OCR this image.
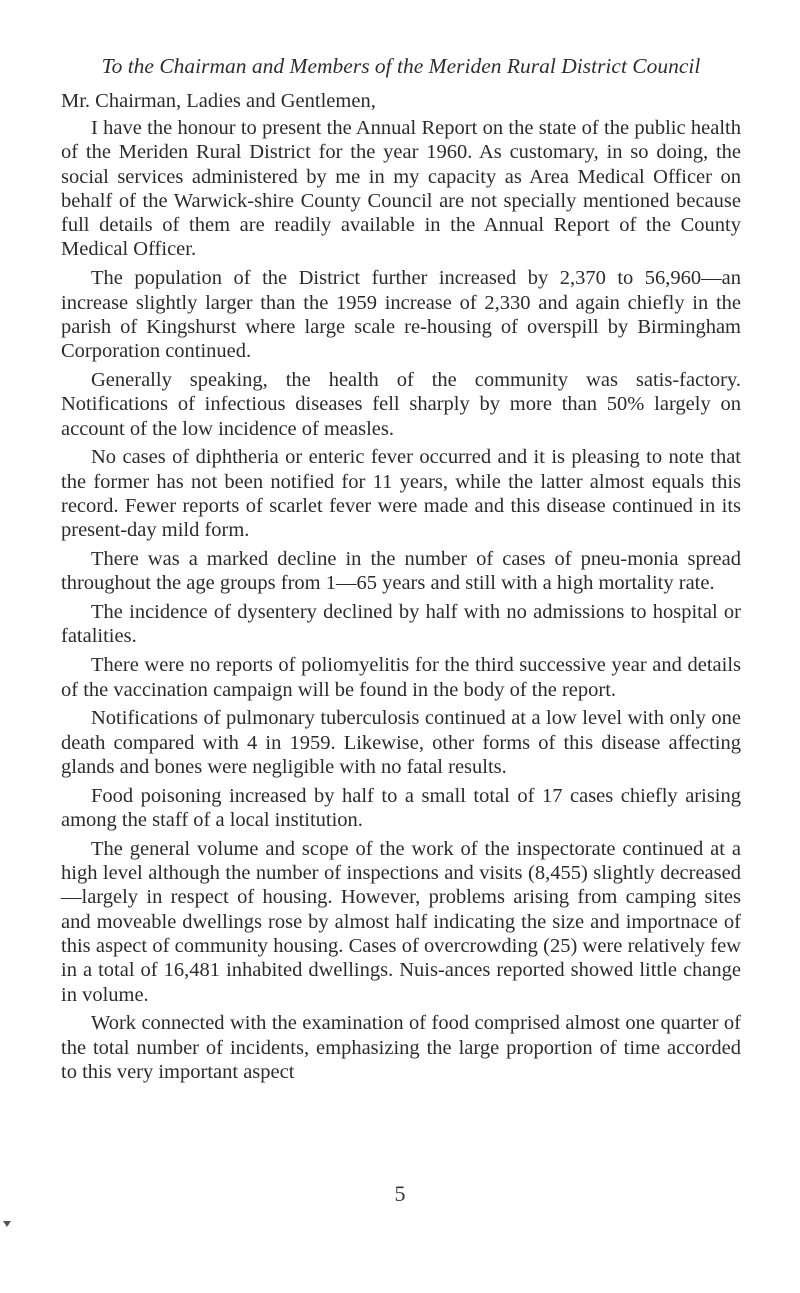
To the Chairman and Members of the Meriden Rural District Council

Mr. Chairman, Ladies and Gentlemen,

I have the honour to present the Annual Report on the state of the public health of the Meriden Rural District for the year 1960. As customary, in so doing, the social services administered by me in my capacity as Area Medical Officer on behalf of the Warwick-shire County Council are not specially mentioned because full details of them are readily available in the Annual Report of the County Medical Officer.

The population of the District further increased by 2,370 to 56,960—an increase slightly larger than the 1959 increase of 2,330 and again chiefly in the parish of Kingshurst where large scale re-housing of overspill by Birmingham Corporation continued.

Generally speaking, the health of the community was satis-factory. Notifications of infectious diseases fell sharply by more than 50% largely on account of the low incidence of measles.

No cases of diphtheria or enteric fever occurred and it is pleasing to note that the former has not been notified for 11 years, while the latter almost equals this record. Fewer reports of scarlet fever were made and this disease continued in its present-day mild form.

There was a marked decline in the number of cases of pneu-monia spread throughout the age groups from 1—65 years and still with a high mortality rate.

The incidence of dysentery declined by half with no admissions to hospital or fatalities.

There were no reports of poliomyelitis for the third successive year and details of the vaccination campaign will be found in the body of the report.

Notifications of pulmonary tuberculosis continued at a low level with only one death compared with 4 in 1959. Likewise, other forms of this disease affecting glands and bones were negligible with no fatal results.

Food poisoning increased by half to a small total of 17 cases chiefly arising among the staff of a local institution.

The general volume and scope of the work of the inspectorate continued at a high level although the number of inspections and visits (8,455) slightly decreased—largely in respect of housing. However, problems arising from camping sites and moveable dwellings rose by almost half indicating the size and importnace of this aspect of community housing. Cases of overcrowding (25) were relatively few in a total of 16,481 inhabited dwellings. Nuis-ances reported showed little change in volume.

Work connected with the examination of food comprised almost one quarter of the total number of incidents, emphasizing the large proportion of time accorded to this very important aspect

5
